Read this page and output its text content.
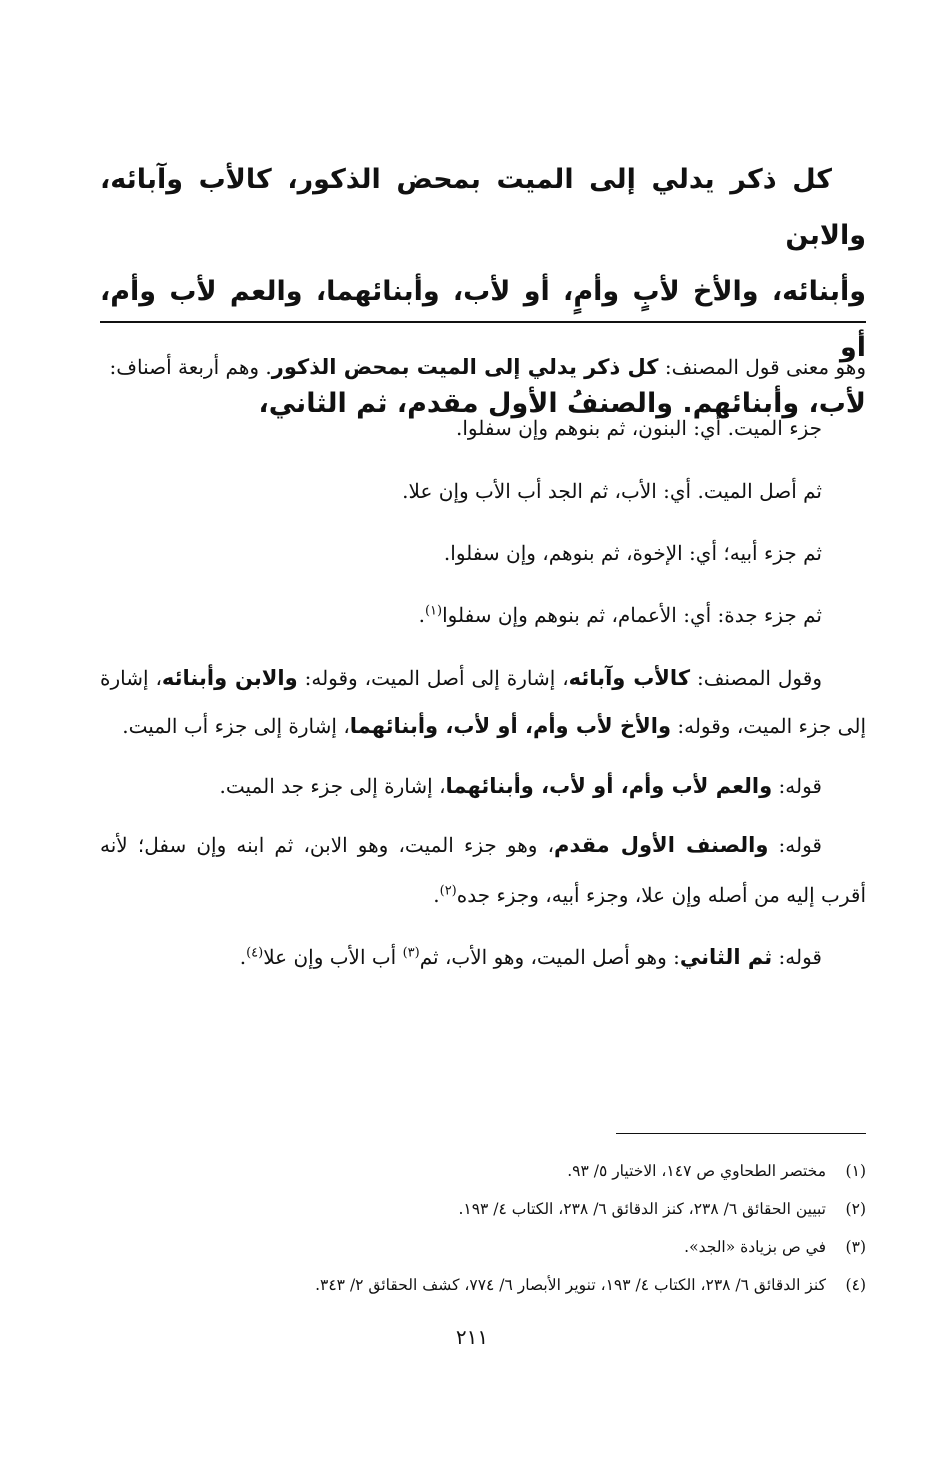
كل ذكر يدلي إلى الميت بمحض الذكور، كالأب وآبائه، والابن

وأبنائه، والأخ لأبٍ وأمٍ، أو لأب، وأبنائهما، والعم لأب وأم، أو

لأب، وأبنائهم. والصنفُ الأول مقدم، ثم الثاني،

وهو معنى قول المصنف: كل ذكر يدلي إلى الميت بمحض الذكور. وهم أربعة أصناف:

جزء الميت. أي: البنون، ثم بنوهم وإن سفلوا.

ثم أصل الميت. أي: الأب، ثم الجد أب الأب وإن علا.

ثم جزء أبيه؛ أي: الإخوة، ثم بنوهم، وإن سفلوا.

ثم جزء جدة: أي: الأعمام، ثم بنوهم وإن سفلوا$^{(١)}$.

وقول المصنف: كالأب وآبائه، إشارة إلى أصل الميت، وقوله: والابن وأبنائه، إشارة إلى جزء الميت، وقوله: والأخ لأب وأم، أو لأب، وأبنائهما، إشارة إلى جزء أب الميت.

قوله: والعم لأب وأم، أو لأب، وأبنائهما، إشارة إلى جزء جد الميت.

قوله: والصنف الأول مقدم، وهو جزء الميت، وهو الابن، ثم ابنه وإن سفل؛ لأنه أقرب إليه من أصله وإن علا، وجزء أبيه، وجزء جده$^{(٢)}$.

قوله: ثم الثاني: وهو أصل الميت، وهو الأب، ثم$^{(٣)}$ أب الأب وإن علا$^{(٤)}$.

(١)مختصر الطحاوي ص ١٤٧، الاختيار ٥/ ٩٣.

(٢)تبيين الحقائق ٦/ ٢٣٨، كنز الدقائق ٦/ ٢٣٨، الكتاب ٤/ ١٩٣.

(٣)في ص بزيادة «الجد».

(٤)كنز الدقائق ٦/ ٢٣٨، الكتاب ٤/ ١٩٣، تنوير الأبصار ٦/ ٧٧٤، كشف الحقائق ٢/ ٣٤٣.

٢١١
